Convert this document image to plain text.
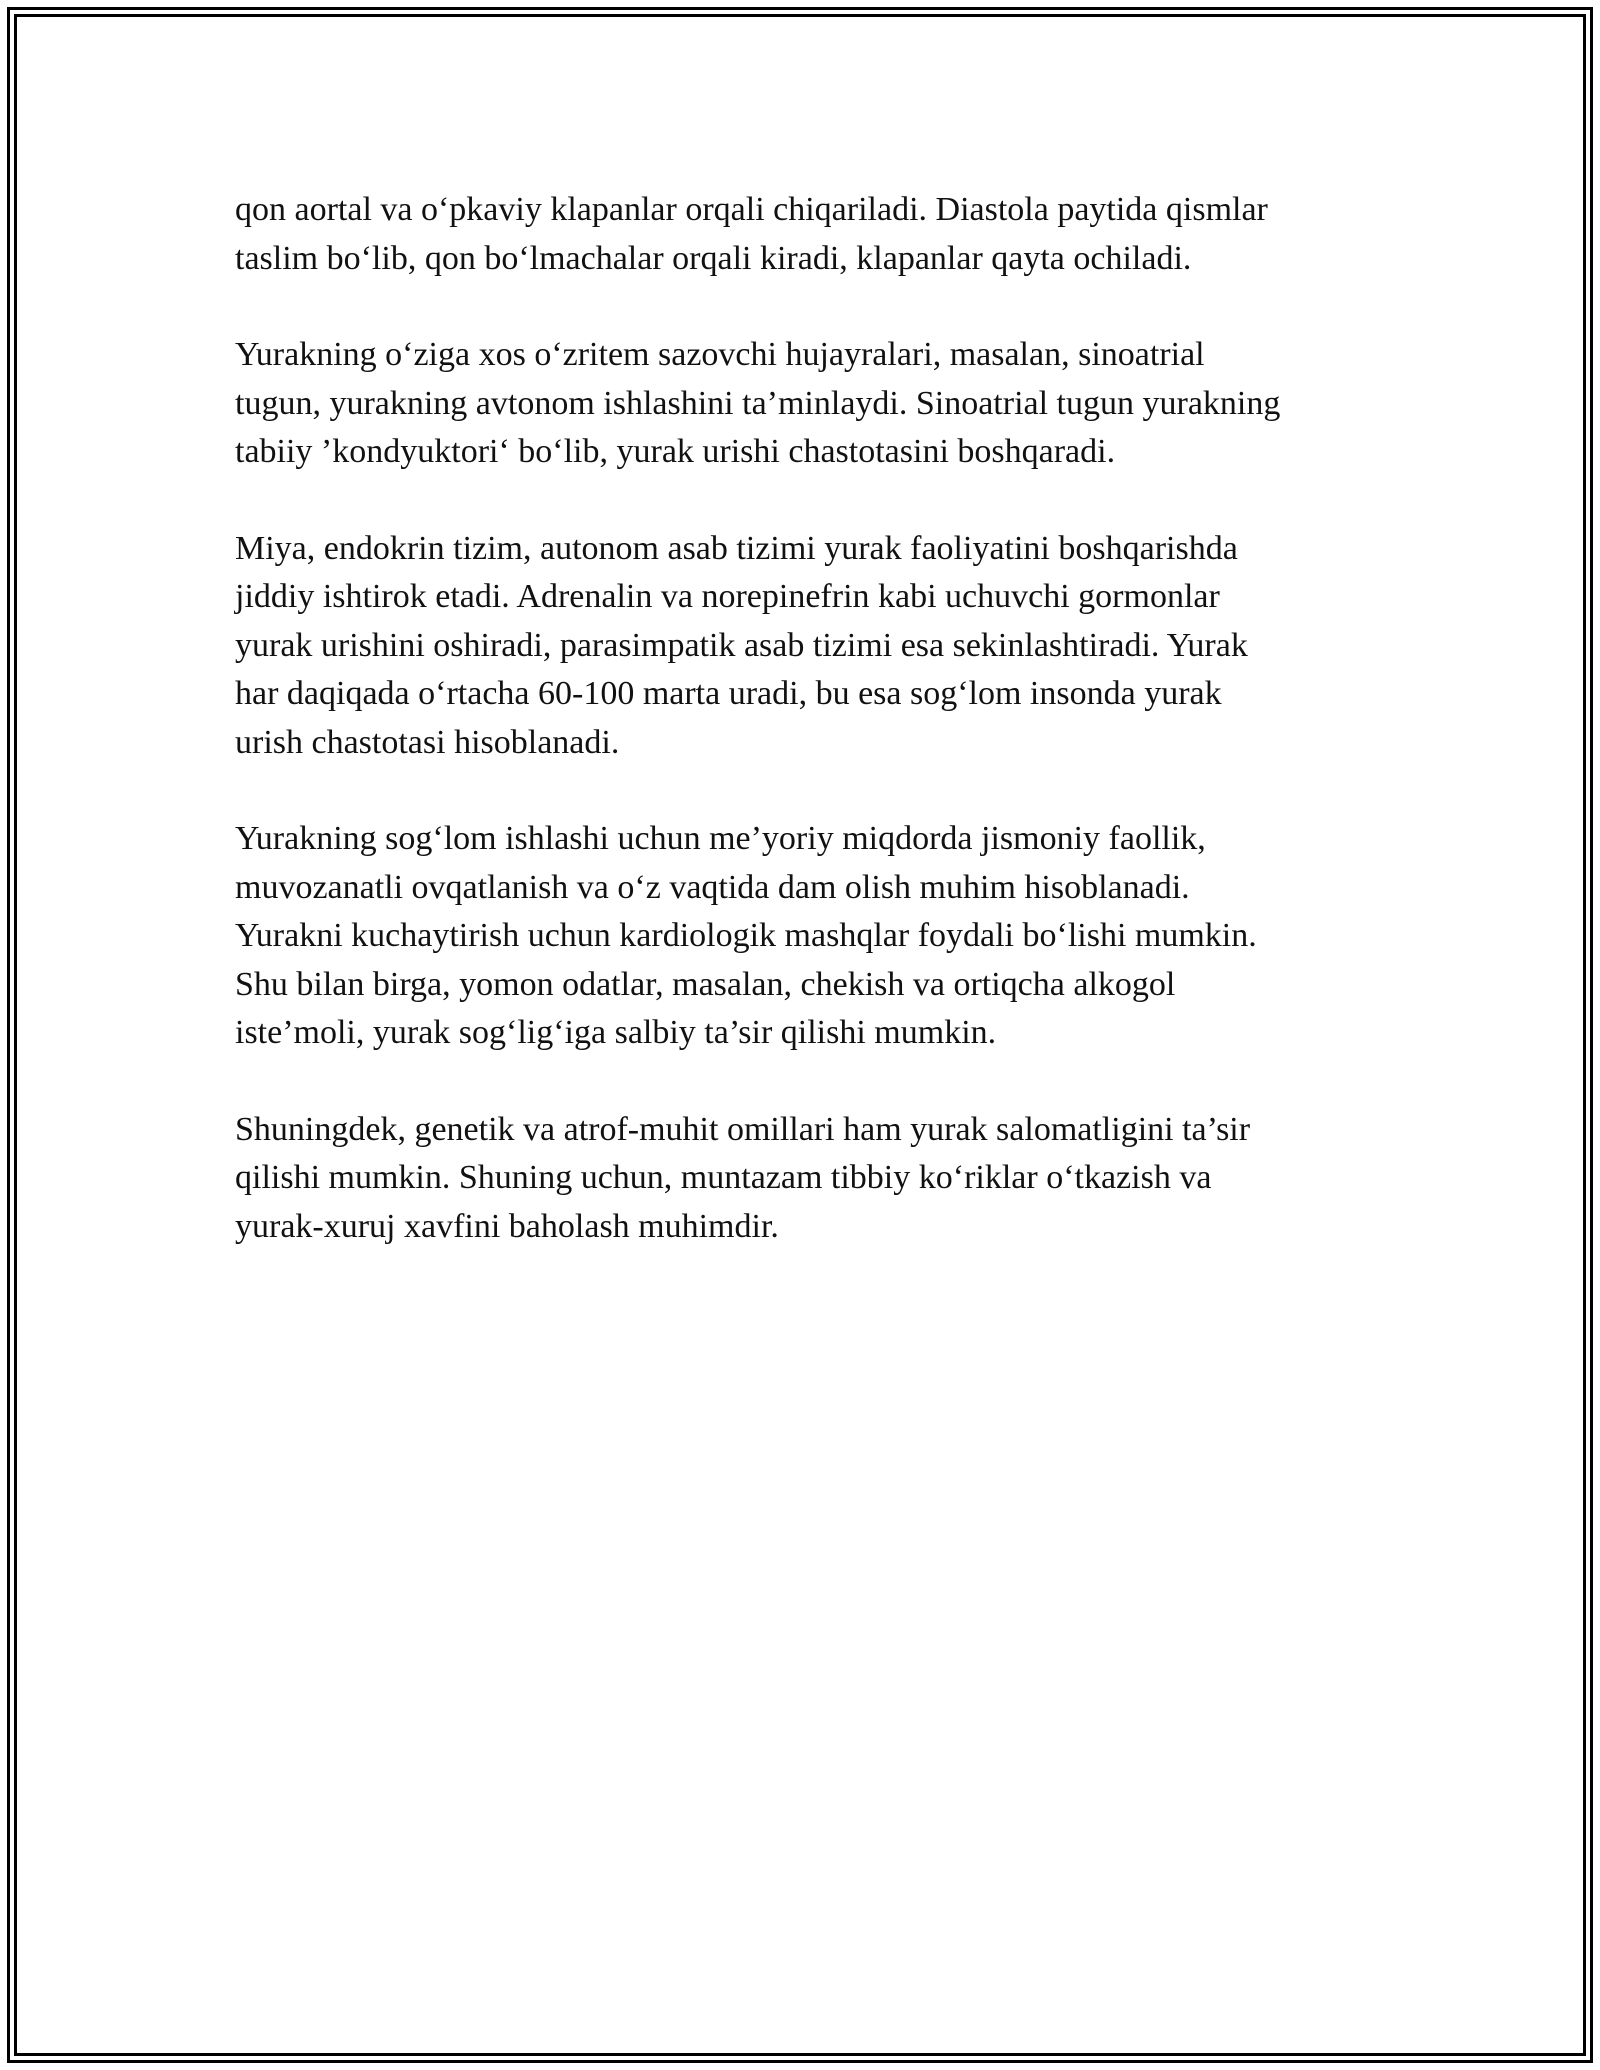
qon aortal va o‘pkaviy klapanlar orqali chiqariladi. Diastola paytida qismlar
taslim bo‘lib, qon bo‘lmachalar orqali kiradi, klapanlar qayta ochiladi.

Yurakning o‘ziga xos o‘zritem sazovchi hujayralari, masalan, sinoatrial
tugun, yurakning avtonom ishlashini ta’minlaydi. Sinoatrial tugun yurakning
tabiiy ’kondyuktori‘ bo‘lib, yurak urishi chastotasini boshqaradi.

Miya, endokrin tizim, autonom asab tizimi yurak faoliyatini boshqarishda
jiddiy ishtirok etadi. Adrenalin va norepinefrin kabi uchuvchi gormonlar
yurak urishini oshiradi, parasimpatik asab tizimi esa sekinlashtiradi. Yurak
har daqiqada o‘rtacha 60-100 marta uradi, bu esa sog‘lom insonda yurak
urish chastotasi hisoblanadi.

Yurakning sog‘lom ishlashi uchun me’yoriy miqdorda jismoniy faollik,
muvozanatli ovqatlanish va o‘z vaqtida dam olish muhim hisoblanadi.
Yurakni kuchaytirish uchun kardiologik mashqlar foydali bo‘lishi mumkin.
Shu bilan birga, yomon odatlar, masalan, chekish va ortiqcha alkogol
iste’moli, yurak sog‘lig‘iga salbiy ta’sir qilishi mumkin.

Shuningdek, genetik va atrof-muhit omillari ham yurak salomatligini ta’sir
qilishi mumkin. Shuning uchun, muntazam tibbiy ko‘riklar o‘tkazish va
yurak-xuruj xavfini baholash muhimdir.
